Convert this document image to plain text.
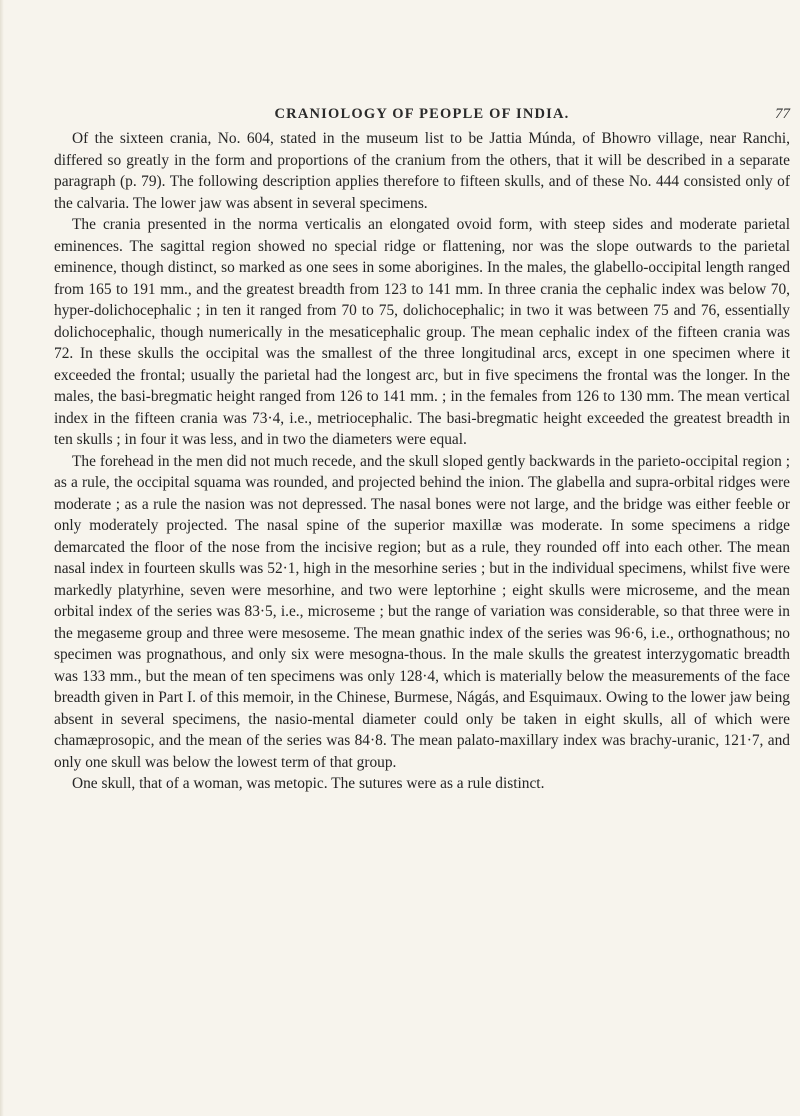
CRANIOLOGY OF PEOPLE OF INDIA.	77

Of the sixteen crania, No. 604, stated in the museum list to be Jattia Múnda, of Bhowro village, near Ranchi, differed so greatly in the form and proportions of the cranium from the others, that it will be described in a separate paragraph (p. 79). The following description applies therefore to fifteen skulls, and of these No. 444 consisted only of the calvaria. The lower jaw was absent in several specimens.

The crania presented in the norma verticalis an elongated ovoid form, with steep sides and moderate parietal eminences. The sagittal region showed no special ridge or flattening, nor was the slope outwards to the parietal eminence, though distinct, so marked as one sees in some aborigines. In the males, the glabello-occipital length ranged from 165 to 191 mm., and the greatest breadth from 123 to 141 mm. In three crania the cephalic index was below 70, hyper-dolichocephalic ; in ten it ranged from 70 to 75, dolichocephalic; in two it was between 75 and 76, essentially dolichocephalic, though numerically in the mesaticephalic group. The mean cephalic index of the fifteen crania was 72. In these skulls the occipital was the smallest of the three longitudinal arcs, except in one specimen where it exceeded the frontal; usually the parietal had the longest arc, but in five specimens the frontal was the longer. In the males, the basi-bregmatic height ranged from 126 to 141 mm. ; in the females from 126 to 130 mm. The mean vertical index in the fifteen crania was 73·4, i.e., metriocephalic. The basi-bregmatic height exceeded the greatest breadth in ten skulls ; in four it was less, and in two the diameters were equal.

The forehead in the men did not much recede, and the skull sloped gently backwards in the parieto-occipital region ; as a rule, the occipital squama was rounded, and projected behind the inion. The glabella and supra-orbital ridges were moderate ; as a rule the nasion was not depressed. The nasal bones were not large, and the bridge was either feeble or only moderately projected. The nasal spine of the superior maxillæ was moderate. In some specimens a ridge demarcated the floor of the nose from the incisive region; but as a rule, they rounded off into each other. The mean nasal index in fourteen skulls was 52·1, high in the mesorhine series ; but in the individual specimens, whilst five were markedly platyrhine, seven were mesorhine, and two were leptorhine ; eight skulls were microseme, and the mean orbital index of the series was 83·5, i.e., microseme ; but the range of variation was considerable, so that three were in the megaseme group and three were mesoseme. The mean gnathic index of the series was 96·6, i.e., orthognathous; no specimen was prognathous, and only six were mesogna-thous. In the male skulls the greatest interzygomatic breadth was 133 mm., but the mean of ten specimens was only 128·4, which is materially below the measurements of the face breadth given in Part I. of this memoir, in the Chinese, Burmese, Nágás, and Esquimaux. Owing to the lower jaw being absent in several specimens, the nasio-mental diameter could only be taken in eight skulls, all of which were chamæprosopic, and the mean of the series was 84·8. The mean palato-maxillary index was brachy-uranic, 121·7, and only one skull was below the lowest term of that group.

One skull, that of a woman, was metopic. The sutures were as a rule distinct.
